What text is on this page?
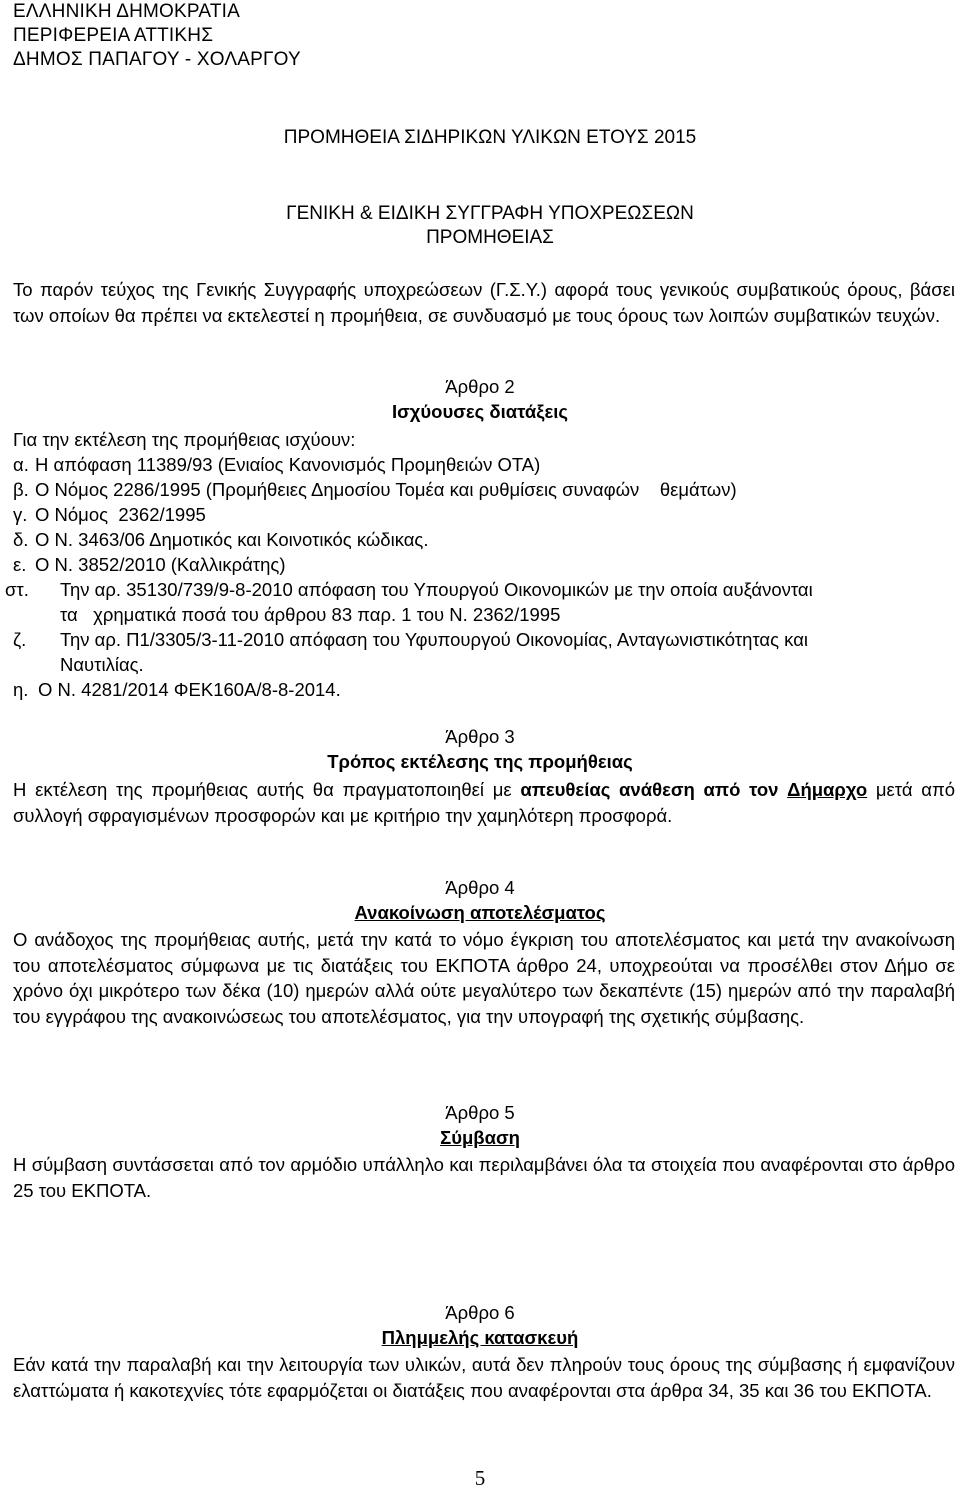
ΕΛΛΗΝΙΚΗ ΔΗΜΟΚΡΑΤΙΑ
ΠΕΡΙΦΕΡΕΙΑ ΑΤΤΙΚΗΣ
ΔΗΜΟΣ ΠΑΠΑΓΟΥ - ΧΟΛΑΡΓΟΥ
ΠΡΟΜΗΘΕΙΑ ΣΙΔΗΡΙΚΩΝ ΥΛΙΚΩΝ ΕΤΟΥΣ 2015
ΓΕΝΙΚΗ & ΕΙΔΙΚΗ ΣΥΓΓΡΑΦΗ ΥΠΟΧΡΕΩΣΕΩΝ
ΠΡΟΜΗΘΕΙΑΣ
Το παρόν τεύχος της Γενικής Συγγραφής υποχρεώσεων (Γ.Σ.Υ.) αφορά τους γενικούς συμβατικούς όρους, βάσει των οποίων θα πρέπει να εκτελεστεί η προμήθεια, σε συνδυασμό με τους όρους των λοιπών συμβατικών τευχών.
Άρθρο 2
Ισχύουσες διατάξεις
Για την εκτέλεση της προμήθειας ισχύουν:
α. Η απόφαση 11389/93 (Ενιαίος Κανονισμός Προμηθειών ΟΤΑ)
β. Ο Νόμος 2286/1995 (Προμήθειες Δημοσίου Τομέα και ρυθμίσεις συναφών    θεμάτων)
γ. Ο Νόμος  2362/1995
δ. Ο Ν. 3463/06 Δημοτικός και Κοινοτικός κώδικας.
ε. Ο Ν. 3852/2010 (Καλλικράτης)
στ. Την αρ. 35130/739/9-8-2010 απόφαση του Υπουργού Οικονομικών με την οποία αυξάνονται
τα   χρηματικά ποσά του άρθρου 83 παρ. 1 του Ν. 2362/1995
ζ. Την αρ. Π1/3305/3-11-2010 απόφαση του Υφυπουργού Οικονομίας, Ανταγωνιστικότητας και
Ναυτιλίας.
η. Ο Ν. 4281/2014 ΦΕΚ160Α/8-8-2014.
Άρθρο 3
Τρόπος εκτέλεσης της προμήθειας
Η εκτέλεση της προμήθειας αυτής θα πραγματοποιηθεί με απευθείας ανάθεση από τον Δήμαρχο μετά από συλλογή σφραγισμένων προσφορών και με κριτήριο την χαμηλότερη προσφορά.
Άρθρο 4
Ανακοίνωση αποτελέσματος
Ο ανάδοχος της προμήθειας αυτής, μετά την κατά το νόμο έγκριση του αποτελέσματος και μετά την ανακοίνωση του αποτελέσματος σύμφωνα με τις διατάξεις του ΕΚΠΟΤΑ άρθρο 24, υποχρεούται να προσέλθει στον Δήμο σε χρόνο όχι μικρότερο των δέκα (10) ημερών αλλά ούτε μεγαλύτερο των δεκαπέντε (15) ημερών από την παραλαβή του εγγράφου της ανακοινώσεως του αποτελέσματος, για την υπογραφή της σχετικής σύμβασης.
Άρθρο 5
Σύμβαση
Η σύμβαση συντάσσεται από τον αρμόδιο υπάλληλο και περιλαμβάνει όλα τα στοιχεία που αναφέρονται στο άρθρο 25 του ΕΚΠΟΤΑ.
Άρθρο 6
Πλημμελής κατασκευή
Εάν κατά την παραλαβή και την λειτουργία των υλικών, αυτά δεν πληρούν τους όρους της σύμβασης ή εμφανίζουν ελαττώματα ή κακοτεχνίες τότε εφαρμόζεται οι διατάξεις που αναφέρονται στα άρθρα 34, 35 και 36 του ΕΚΠΟΤΑ.
5
